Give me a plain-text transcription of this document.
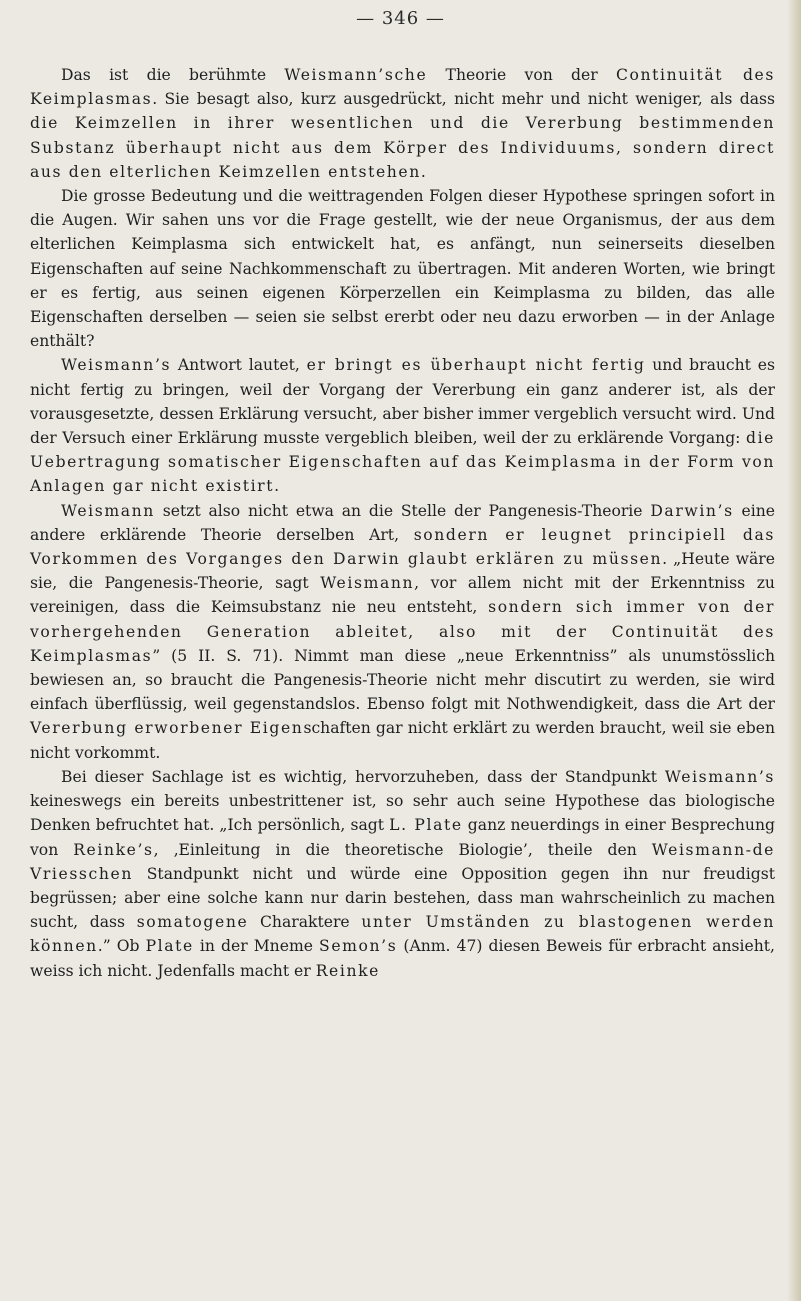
— 346 —

Das ist die berühmte Weismann’sche Theorie von der Continuität des Keimplasmas. Sie besagt also, kurz ausgedrückt, nicht mehr und nicht weniger, als dass die Keimzellen in ihrer wesentlichen und die Vererbung bestimmenden Substanz überhaupt nicht aus dem Körper des Individuums, sondern direct aus den elterlichen Keimzellen entstehen.

Die grosse Bedeutung und die weittragenden Folgen dieser Hypothese springen sofort in die Augen. Wir sahen uns vor die Frage gestellt, wie der neue Organismus, der aus dem elterlichen Keimplasma sich entwickelt hat, es anfängt, nun seinerseits dieselben Eigenschaften auf seine Nachkommenschaft zu übertragen. Mit anderen Worten, wie bringt er es fertig, aus seinen eigenen Körperzellen ein Keimplasma zu bilden, das alle Eigenschaften derselben — seien sie selbst ererbt oder neu dazu erworben — in der Anlage enthält?

Weismann’s Antwort lautet, er bringt es überhaupt nicht fertig und braucht es nicht fertig zu bringen, weil der Vorgang der Vererbung ein ganz anderer ist, als der vorausgesetzte, dessen Erklärung versucht, aber bisher immer vergeblich versucht wird. Und der Versuch einer Erklärung musste vergeblich bleiben, weil der zu erklärende Vorgang: die Uebertragung somatischer Eigenschaften auf das Keimplasma in der Form von Anlagen gar nicht existirt.

Weismann setzt also nicht etwa an die Stelle der Pangenesis-Theorie Darwin’s eine andere erklärende Theorie derselben Art, sondern er leugnet principiell das Vorkommen des Vorganges den Darwin glaubt erklären zu müssen. „Heute wäre sie, die Pangenesis-Theorie, sagt Weismann, vor allem nicht mit der Erkenntniss zu vereinigen, dass die Keimsubstanz nie neu entsteht, sondern sich immer von der vorhergehenden Generation ableitet, also mit der Continuität des Keimplasmas” (5 II. S. 71). Nimmt man diese „neue Erkenntniss” als unumstösslich bewiesen an, so braucht die Pangenesis-Theorie nicht mehr discutirt zu werden, sie wird einfach überflüssig, weil gegenstandslos. Ebenso folgt mit Nothwendigkeit, dass die Art der Vererbung erworbener Eigenschaften gar nicht erklärt zu werden braucht, weil sie eben nicht vorkommt.

Bei dieser Sachlage ist es wichtig, hervorzuheben, dass der Standpunkt Weismann’s keineswegs ein bereits unbestrittener ist, so sehr auch seine Hypothese das biologische Denken befruchtet hat. „Ich persönlich, sagt L. Plate ganz neuerdings in einer Besprechung von Reinke’s, ‚Einleitung in die theoretische Biologie’, theile den Weismann-de Vriesschen Standpunkt nicht und würde eine Opposition gegen ihn nur freudigst begrüssen; aber eine solche kann nur darin bestehen, dass man wahrscheinlich zu machen sucht, dass somatogene Charaktere unter Umständen zu blastogenen werden können.” Ob Plate in der Mneme Semon’s (Anm. 47) diesen Beweis für erbracht ansieht, weiss ich nicht. Jedenfalls macht er Reinke
